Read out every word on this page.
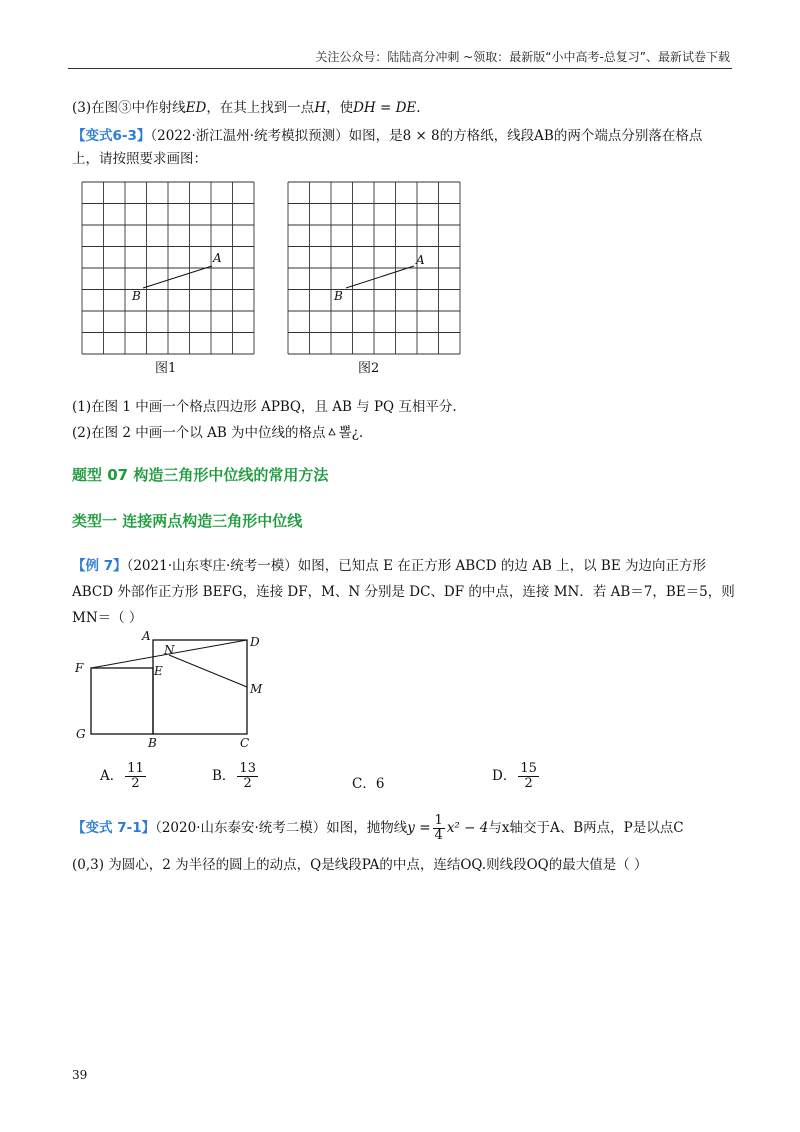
关注公众号：陆陆高分冲刺 ~领取：最新版“小中高考-总复习”、最新试卷下载
(3)在图③中作射线ED，在其上找到一点H，使DH = DE.
【变式6-3】（2022·浙江温州·统考模拟预测）如图，是8 × 8的方格纸，线段AB的两个端点分别落在格点
上，请按照要求画图：
A
B
图1
A
B
图2
(1)在图 1 中画一个格点四边形 APBQ，且 AB 与 PQ 互相平分.
(2)在图 2 中画一个以 AB 为中位线的格点ㅿ뽈¿.
题型 07 构造三角形中位线的常用方法
类型一 连接两点构造三角形中位线
【例 7】（2021·山东枣庄·统考一模）如图，已知点 E 在正方形 ABCD 的边 AB 上，以 BE 为边向正方形
ABCD 外部作正方形 BEFG，连接 DF，M、N 分别是 DC、DF 的中点，连接 MN．若 AB＝7，BE＝5，则
MN＝（ ）
A	D
N
F	E
M
G
B	C
A． $\frac{11}{2}$	B． $\frac{13}{2}$	C．6	D． $\frac{15}{2}$
【变式 7-1】（2020·山东泰安·统考二模）如图，抛物线$y = \frac{1}{4} x^2 - 4$与x轴交于A、B两点，P是以点C
(0,3) 为圆心，2 为半径的圆上的动点，Q是线段PA的中点，连结OQ.则线段OQ的最大值是（ ）
39
